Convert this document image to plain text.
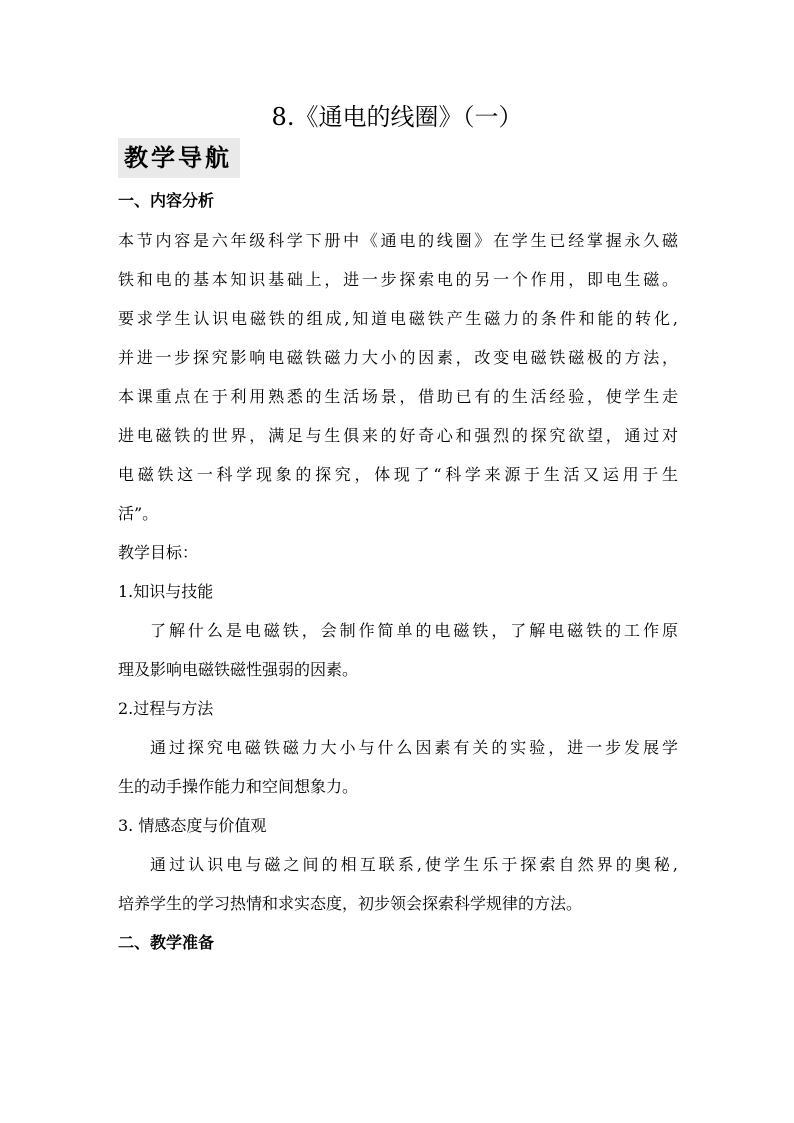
8.《通电的线圈》（一）
教学导航
一、内容分析
本节内容是六年级科学下册中《通电的线圈》在学生已经掌握永久磁
铁和电的基本知识基础上，进一步探索电的另一个作用，即电生磁。
要求学生认识电磁铁的组成,知道电磁铁产生磁力的条件和能的转化,
并进一步探究影响电磁铁磁力大小的因素，改变电磁铁磁极的方法，
本课重点在于利用熟悉的生活场景，借助已有的生活经验，使学生走
进电磁铁的世界，满足与生俱来的好奇心和强烈的探究欲望，通过对
电磁铁这一科学现象的探究，体现了“科学来源于生活又运用于生
活”。
教学目标：
1.知识与技能
了解什么是电磁铁，会制作简单的电磁铁，了解电磁铁的工作原
理及影响电磁铁磁性强弱的因素。
2.过程与方法
通过探究电磁铁磁力大小与什么因素有关的实验，进一步发展学
生的动手操作能力和空间想象力。
3. 情感态度与价值观
通过认识电与磁之间的相互联系,使学生乐于探索自然界的奥秘,
培养学生的学习热情和求实态度，初步领会探索科学规律的方法。
二、教学准备
